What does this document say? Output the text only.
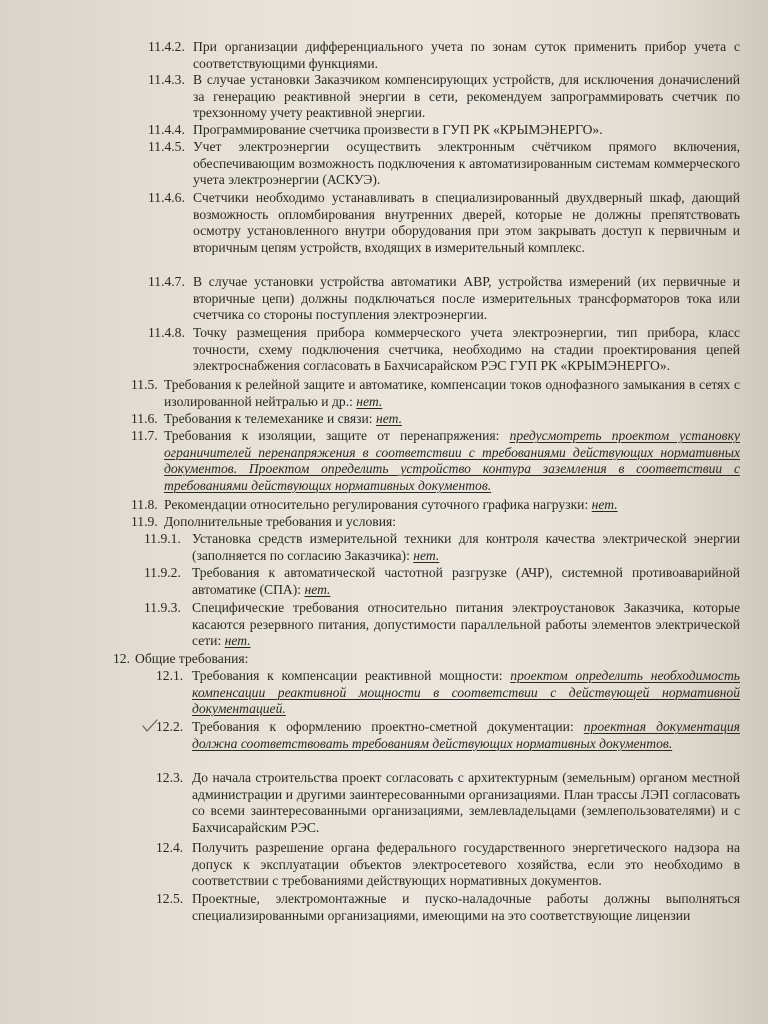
11.4.2. При организации дифференциального учета по зонам суток применить прибор учета с соответствующими функциями.
11.4.3. В случае установки Заказчиком компенсирующих устройств, для исключения доначислений за генерацию реактивной энергии в сети, рекомендуем запрограммировать счетчик по трехзонному учету реактивной энергии.
11.4.4. Программирование счетчика произвести в ГУП РК «КРЫМЭНЕРГО».
11.4.5. Учет электроэнергии осуществить электронным счётчиком прямого включения, обеспечивающим возможность подключения к автоматизированным системам коммерческого учета электроэнергии (АСКУЭ).
11.4.6. Счетчики необходимо устанавливать в специализированный двухдверный шкаф, дающий возможность опломбирования внутренних дверей, которые не должны препятствовать осмотру установленного внутри оборудования при этом закрывать доступ к первичным и вторичным цепям устройств, входящих в измерительный комплекс.
11.4.7. В случае установки устройства автоматики АВР, устройства измерений (их первичные и вторичные цепи) должны подключаться после измерительных трансформаторов тока или счетчика со стороны поступления электроэнергии.
11.4.8. Точку размещения прибора коммерческого учета электроэнергии, тип прибора, класс точности, схему подключения счетчика, необходимо на стадии проектирования цепей электроснабжения согласовать в Бахчисарайском РЭС ГУП РК «КРЫМЭНЕРГО».
11.5. Требования к релейной защите и автоматике, компенсации токов однофазного замыкания в сетях с изолированной нейтралью и др.: нет.
11.6. Требования к телемеханике и связи: нет.
11.7. Требования к изоляции, защите от перенапряжения: предусмотреть проектом установку ограничителей перенапряжения в соответствии с требованиями действующих нормативных документов. Проектом определить устройство контура заземления в соответствии с требованиями действующих нормативных документов.
11.8. Рекомендации относительно регулирования суточного графика нагрузки: нет.
11.9. Дополнительные требования и условия:
11.9.1. Установка средств измерительной техники для контроля качества электрической энергии (заполняется по согласию Заказчика): нет.
11.9.2. Требования к автоматической частотной разгрузке (АЧР), системной противоаварийной автоматике (СПА): нет.
11.9.3. Специфические требования относительно питания электроустановок Заказчика, которые касаются резервного питания, допустимости параллельной работы элементов электрической сети: нет.
12. Общие требования:
12.1. Требования к компенсации реактивной мощности: проектом определить необходимость компенсации реактивной мощности в соответствии с действующей нормативной документацией.
12.2. Требования к оформлению проектно-сметной документации: проектная документация должна соответствовать требованиям действующих нормативных документов.
12.3. До начала строительства проект согласовать с архитектурным (земельным) органом местной администрации и другими заинтересованными организациями. План трассы ЛЭП согласовать со всеми заинтересованными организациями, землевладельцами (землепользователями) и с Бахчисарайским РЭС.
12.4. Получить разрешение органа федерального государственного энергетического надзора на допуск к эксплуатации объектов электросетевого хозяйства, если это необходимо в соответствии с требованиями действующих нормативных документов.
12.5. Проектные, электромонтажные и пуско-наладочные работы должны выполняться специализированными организациями, имеющими на это соответствующие лицензии
